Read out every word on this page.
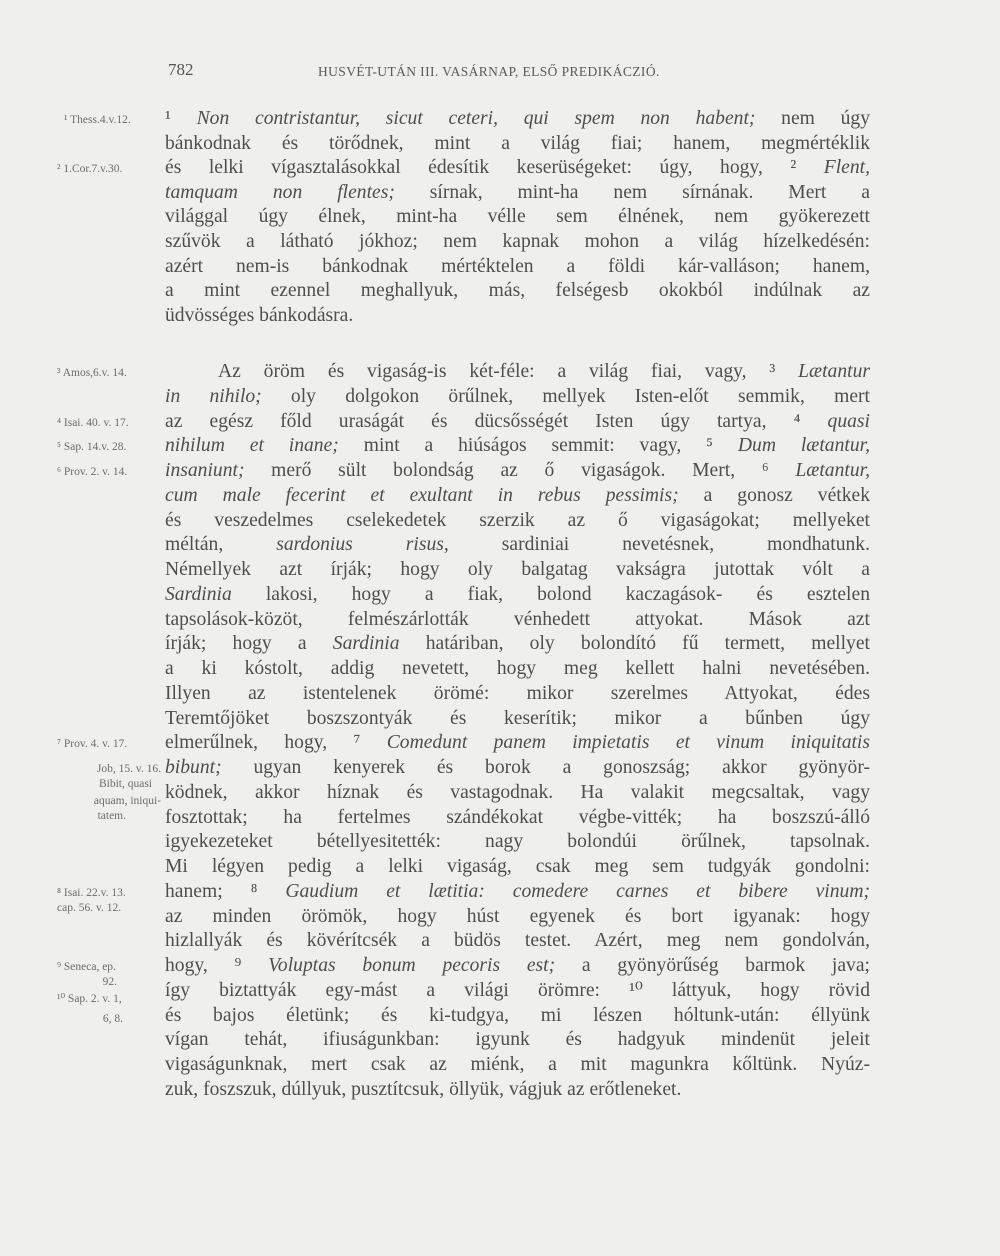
782	HUSVÉT-UTÁN III. VASÁRNAP, ELSŐ PREDIKÁCZIÓ.
¹ Thess.4.v.12.
² 1.Cor.7.v.30.
³ Amos,6.v. 14.
⁴ Isai. 40. v. 17.
⁵ Sap. 14.v. 28.
⁶ Prov. 2. v. 14.
⁷ Prov. 4. v. 17.
Job, 15. v. 16.
Bibit, quasi
aquam, iniqui-
tatem.
⁸ Isai. 22.v. 13.
cap. 56. v. 12.
⁹ Seneca, ep.
92.
¹⁰ Sap. 2. v. 1,
6, 8.
¹ Non contristantur, sicut ceteri, qui spem non habent; nem úgy
bánkodnak és törődnek, mint a világ fiai; hanem, megmértéklik
és lelki vígasztalásokkal édesítik keserüségeket: úgy, hogy, ² Flent,
tamquam non flentes; sírnak, mint-ha nem sírnának. Mert a
világgal úgy élnek, mint-ha vélle sem élnének, nem gyökerezett
szűvök a látható jókhoz; nem kapnak mohon a világ hízelkedésén:
azért nem-is bánkodnak mértéktelen a földi kár-valláson; hanem,
a mint ezennel meghallyuk, más, felségesb okokból indúlnak az
üdvösséges bánkodásra.
Az öröm és vigaság-is két-féle: a világ fiai, vagy, ³ Lætantur
in nihilo; oly dolgokon örűlnek, mellyek Isten-előt semmik, mert
az egész főld uraságát és dücsősségét Isten úgy tartya, ⁴ quasi
nihilum et inane; mint a hiúságos semmit: vagy, ⁵ Dum lætantur,
insaniunt; merő sült bolondság az ő vigaságok. Mert, ⁶ Lætantur,
cum male fecerint et exultant in rebus pessimis; a gonosz vétkek
és veszedelmes cselekedetek szerzik az ő vigaságokat; mellyeket
méltán, sardonius risus, sardiniai nevetésnek, mondhatunk.
Némellyek azt írják; hogy oly balgatag vakságra jutottak vólt a
Sardinia lakosi, hogy a fiak, bolond kaczagások- és esztelen
tapsolások-közöt, felmészárlották vénhedett attyokat. Mások azt
írják; hogy a Sardinia határiban, oly bolondító fű termett, mellyet
a ki kóstolt, addig nevetett, hogy meg kellett halni nevetésében.
Illyen az istentelenek örömé: mikor szerelmes Attyokat, édes
Teremtőjöket boszszontyák és keserítik; mikor a bűnben úgy
elmerűlnek, hogy, ⁷ Comedunt panem impietatis et vinum iniquitatis
bibunt; ugyan kenyerek és borok a gonoszság; akkor gyönyör-
ködnek, akkor híznak és vastagodnak. Ha valakit megcsaltak, vagy
fosztottak; ha fertelmes szándékokat végbe-vitték; ha boszszú-álló
igyekezeteket bétellyesitették: nagy bolondúi örűlnek, tapsolnak.
Mi légyen pedig a lelki vigaság, csak meg sem tudgyák gondolni:
hanem; ⁸ Gaudium et lætitia: comedere carnes et bibere vinum;
az minden örömök, hogy húst egyenek és bort igyanak: hogy
hizlallyák és kövérítcsék a büdös testet. Azért, meg nem gondolván,
hogy, ⁹ Voluptas bonum pecoris est; a gyönyörűség barmok java;
így biztattyák egy-mást a világi örömre: ¹⁰ láttyuk, hogy rövid
és bajos életünk; és ki-tudgya, mi lészen hóltunk-után: éllyünk
vígan tehát, ifiuságunkban: igyunk és hadgyuk mindenüt jeleit
vigaságunknak, mert csak az miénk, a mit magunkra kőltünk. Nyúz-
zuk, foszszuk, dúllyuk, pusztítcsuk, öllyük, vágjuk az erőtleneket.
